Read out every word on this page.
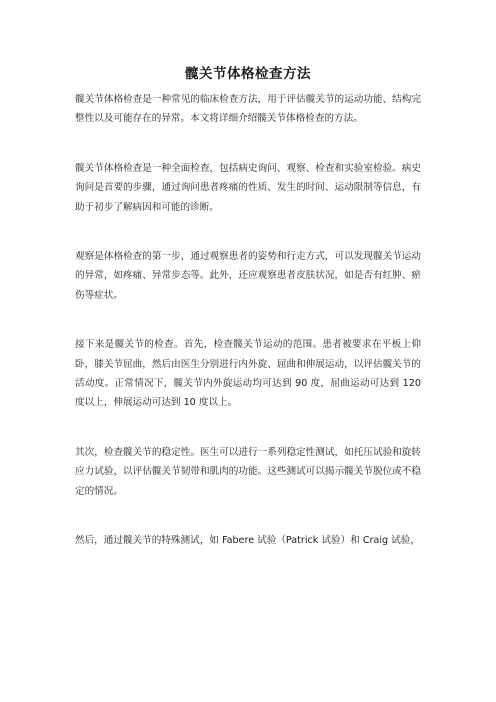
髋关节体格检查方法

髋关节体格检查是一种常见的临床检查方法，用于评估髋关节的运动功能、结构完整性以及可能存在的异常。本文将详细介绍髋关节体格检查的方法。

髋关节体格检查是一种全面检查，包括病史询问、观察、检查和实验室检验。病史询问是首要的步骤，通过询问患者疼痛的性质、发生的时间、运动限制等信息，有助于初步了解病因和可能的诊断。

观察是体格检查的第一步，通过观察患者的姿势和行走方式，可以发现髋关节运动的异常，如疼痛、异常步态等。此外，还应观察患者皮肤状况，如是否有红肿、瘀伤等症状。

接下来是髋关节的检查。首先，检查髋关节运动的范围。患者被要求在平板上仰卧，膝关节屈曲，然后由医生分别进行内外旋、屈曲和伸展运动，以评估髋关节的活动度。正常情况下，髋关节内外旋运动均可达到 90 度，屈曲运动可达到 120 度以上，伸展运动可达到 10 度以上。

其次，检查髋关节的稳定性。医生可以进行一系列稳定性测试，如托压试验和旋转应力试验，以评估髋关节韧带和肌肉的功能。这些测试可以揭示髋关节脱位或不稳定的情况。

然后，通过髋关节的特殊测试，如 Fabere 试验（Patrick 试验）和 Craig 试验，
